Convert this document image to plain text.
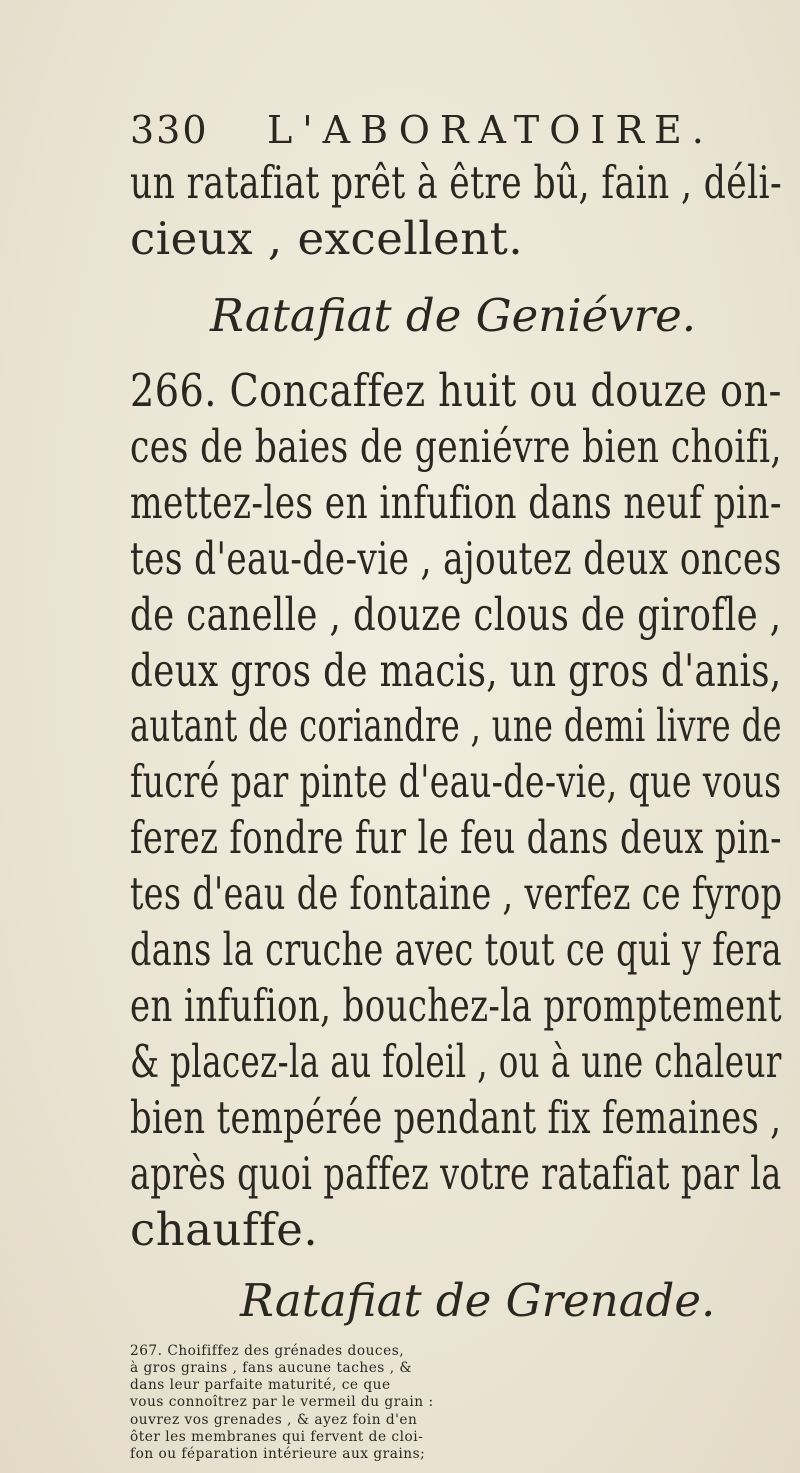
330 L'ABORATOIRE.
un ratafiat prêt à être bû, fain , déli-
cieux , excellent.
Ratafiat de Geniévre.
266. Concaffez huit ou douze on-
ces de baies de geniévre bien choifi,
mettez-les en infufion dans neuf pin-
tes d'eau-de-vie , ajoutez deux onces
de canelle , douze clous de girofle ,
deux gros de macis, un gros d'anis,
autant de coriandre , une demi livre de
fucré par pinte d'eau-de-vie, que vous
ferez fondre fur le feu dans deux pin-
tes d'eau de fontaine , verfez ce fyrop
dans la cruche avec tout ce qui y fera
en infufion, bouchez-la promptement
& placez-la au foleil , ou à une chaleur
bien tempérée pendant fix femaines ,
après quoi paffez votre ratafiat par la
chauffe.
Ratafiat de Grenade.
267. Choififfez des grénades douces,
à gros grains , fans aucune taches , &
dans leur parfaite maturité, ce que
vous connoîtrez par le vermeil du grain :
ouvrez vos grenades , & ayez foin d'en
ôter les membranes qui fervent de cloi-
fon ou féparation intérieure aux grains;
